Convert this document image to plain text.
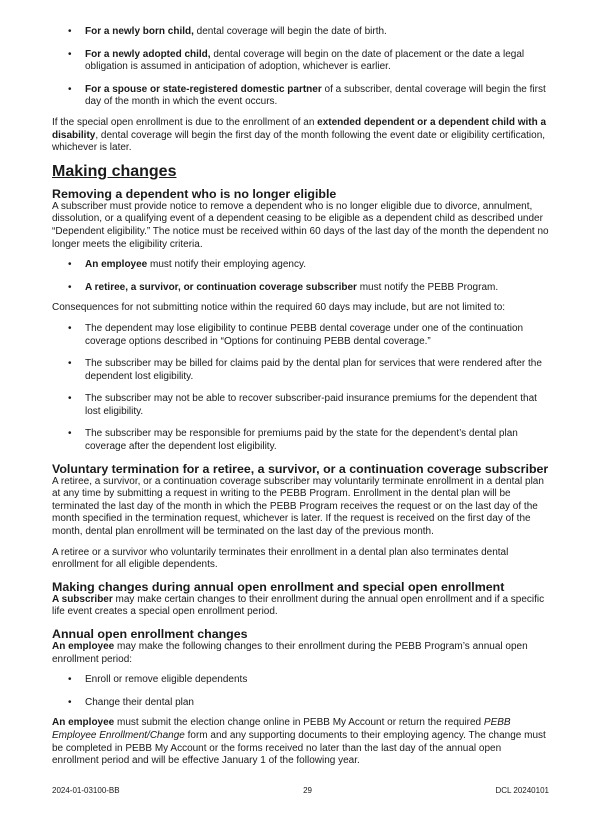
• For a newly born child, dental coverage will begin the date of birth.
• For a newly adopted child, dental coverage will begin on the date of placement or the date a legal obligation is assumed in anticipation of adoption, whichever is earlier.
• For a spouse or state-registered domestic partner of a subscriber, dental coverage will begin the first day of the month in which the event occurs.
If the special open enrollment is due to the enrollment of an extended dependent or a dependent child with a disability, dental coverage will begin the first day of the month following the event date or eligibility certification, whichever is later.
Making changes
Removing a dependent who is no longer eligible
A subscriber must provide notice to remove a dependent who is no longer eligible due to divorce, annulment, dissolution, or a qualifying event of a dependent ceasing to be eligible as a dependent child as described under “Dependent eligibility.” The notice must be received within 60 days of the last day of the month the dependent no longer meets the eligibility criteria.
• An employee must notify their employing agency.
• A retiree, a survivor, or continuation coverage subscriber must notify the PEBB Program.
Consequences for not submitting notice within the required 60 days may include, but are not limited to:
• The dependent may lose eligibility to continue PEBB dental coverage under one of the continuation coverage options described in “Options for continuing PEBB dental coverage.”
• The subscriber may be billed for claims paid by the dental plan for services that were rendered after the dependent lost eligibility.
• The subscriber may not be able to recover subscriber-paid insurance premiums for the dependent that lost eligibility.
• The subscriber may be responsible for premiums paid by the state for the dependent’s dental plan coverage after the dependent lost eligibility.
Voluntary termination for a retiree, a survivor, or a continuation coverage subscriber
A retiree, a survivor, or a continuation coverage subscriber may voluntarily terminate enrollment in a dental plan at any time by submitting a request in writing to the PEBB Program. Enrollment in the dental plan will be terminated the last day of the month in which the PEBB Program receives the request or on the last day of the month specified in the termination request, whichever is later. If the request is received on the first day of the month, dental plan enrollment will be terminated on the last day of the previous month.
A retiree or a survivor who voluntarily terminates their enrollment in a dental plan also terminates dental enrollment for all eligible dependents.
Making changes during annual open enrollment and special open enrollment
A subscriber may make certain changes to their enrollment during the annual open enrollment and if a specific life event creates a special open enrollment period.
Annual open enrollment changes
An employee may make the following changes to their enrollment during the PEBB Program’s annual open enrollment period:
• Enroll or remove eligible dependents
• Change their dental plan
An employee must submit the election change online in PEBB My Account or return the required PEBB Employee Enrollment/Change form and any supporting documents to their employing agency. The change must be completed in PEBB My Account or the forms received no later than the last day of the annual open enrollment period and will be effective January 1 of the following year.
2024-01-03100-BB	29	DCL 20240101
